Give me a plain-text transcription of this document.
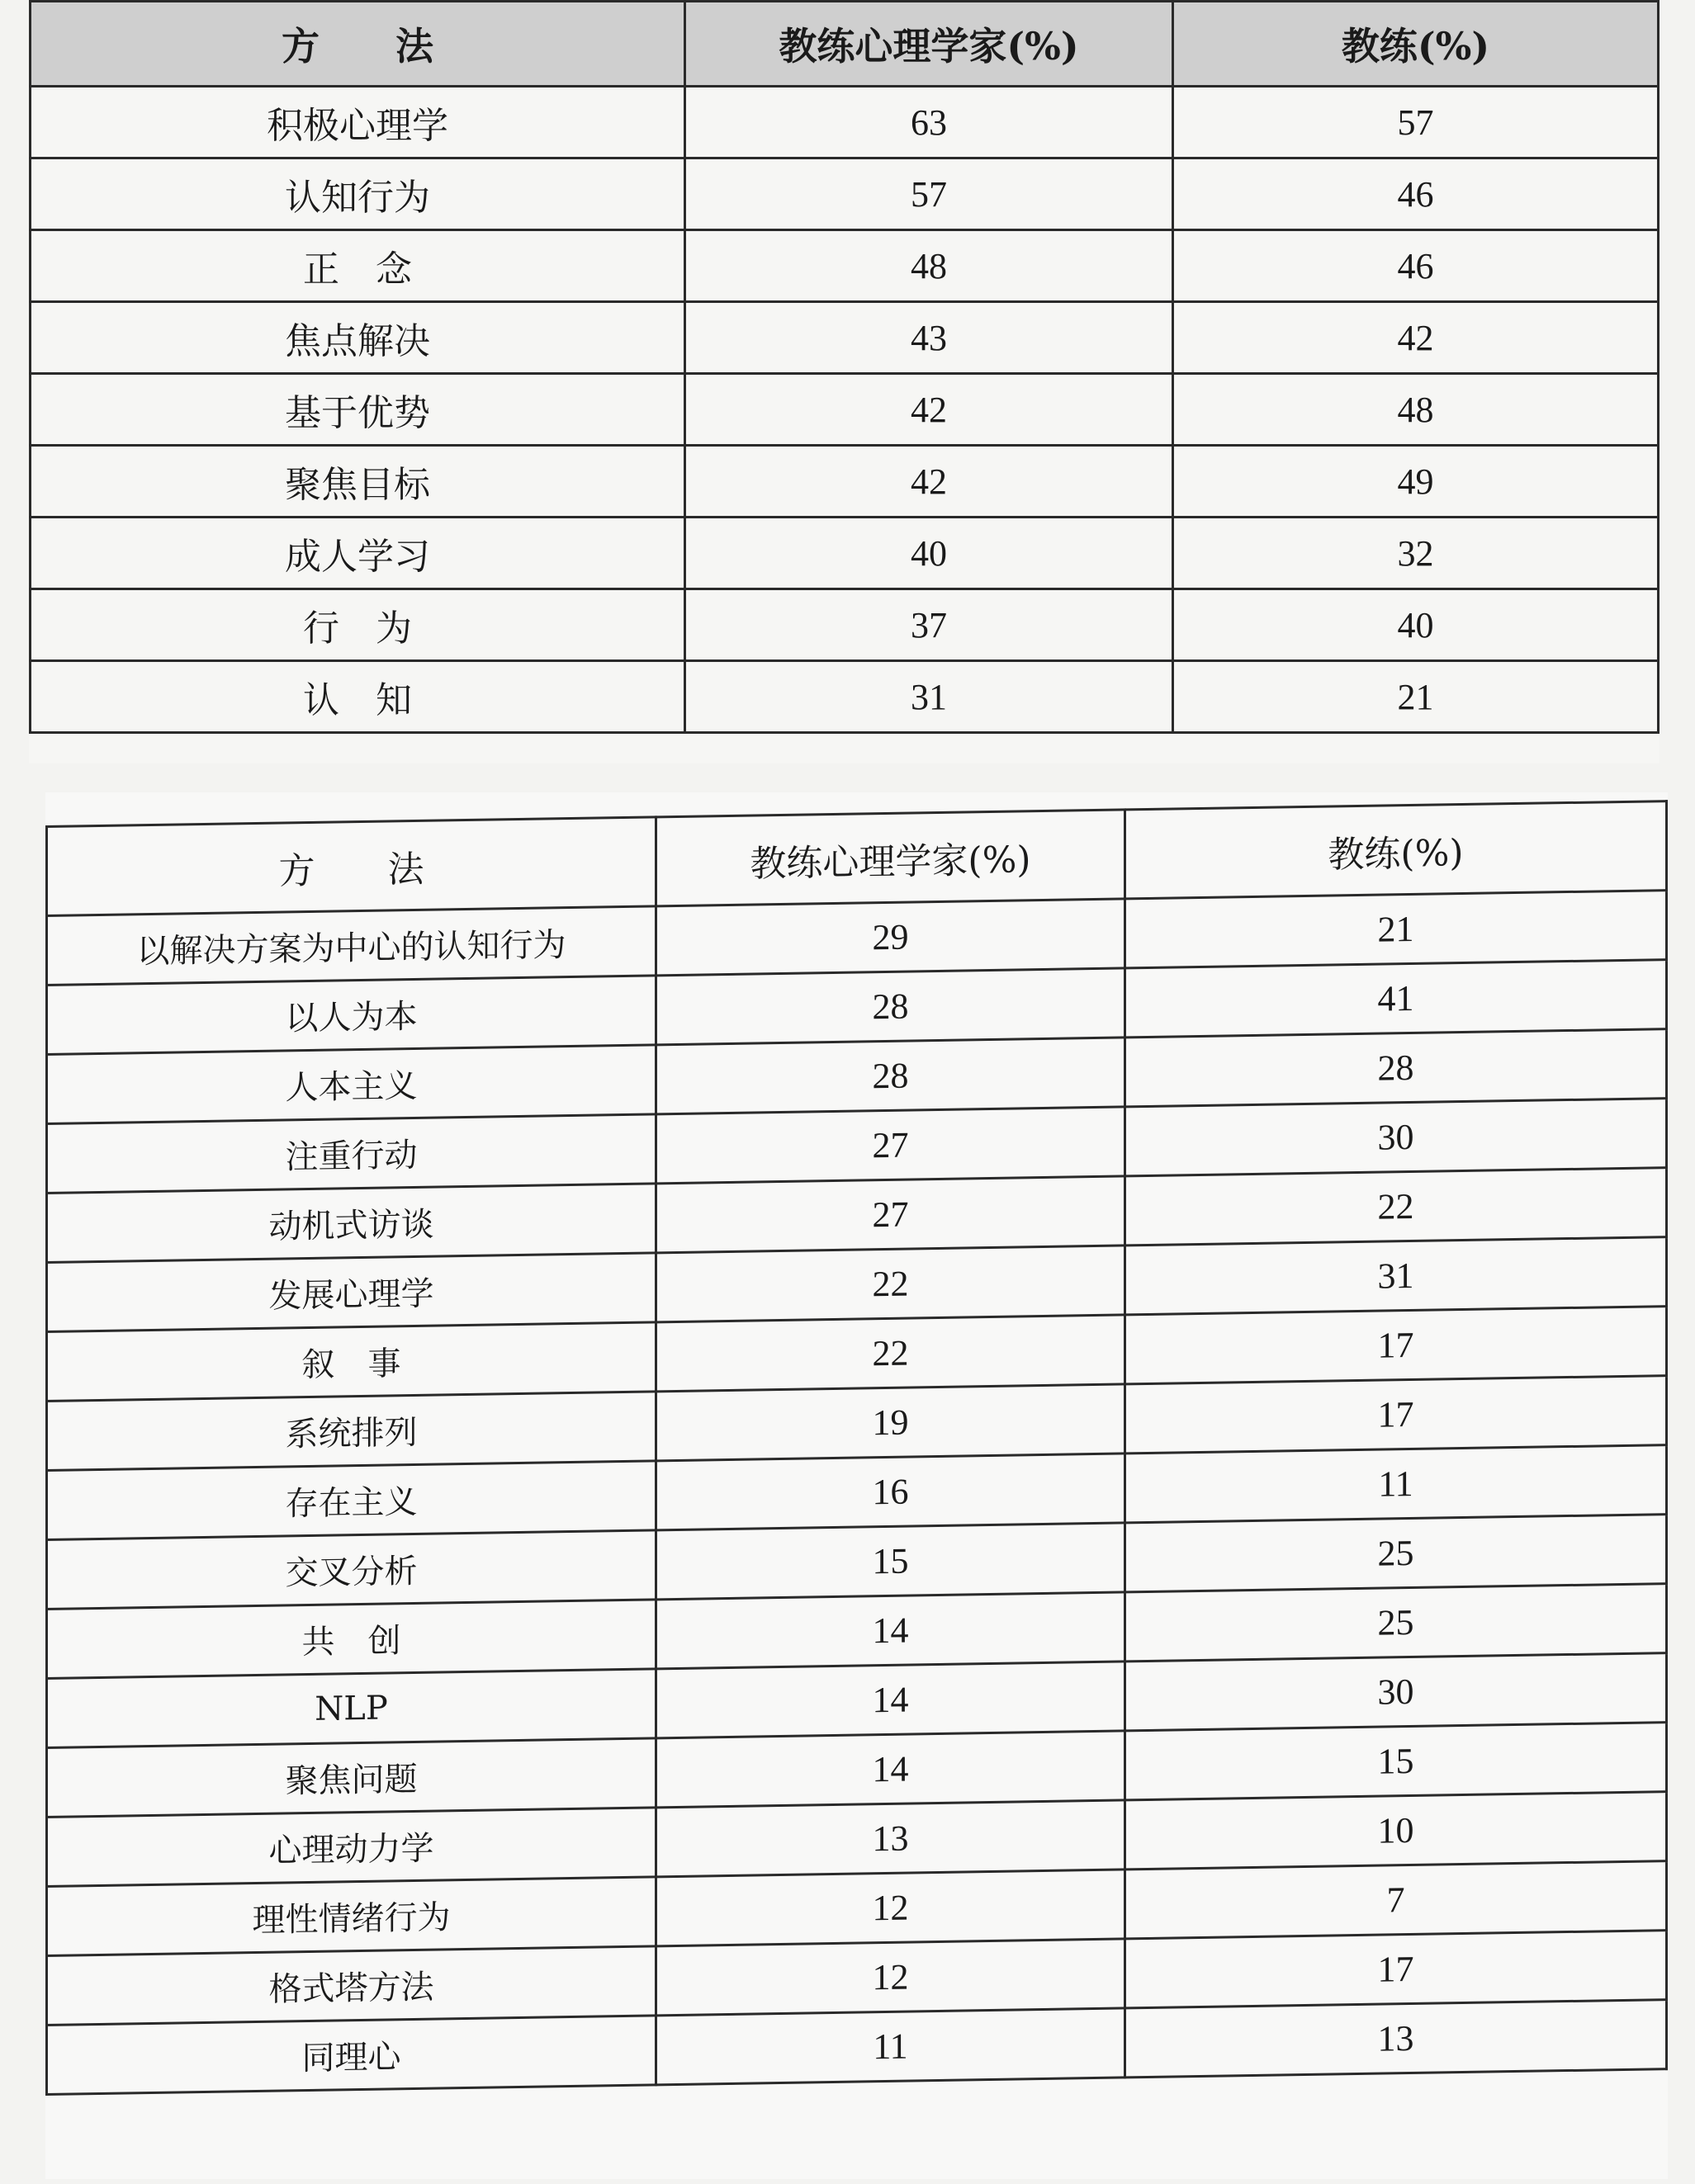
方　　法	教练心理学家(%)	教练(%)
积极心理学	63	57
认知行为	57	46
正　念	48	46
焦点解决	43	42
基于优势	42	48
聚焦目标	42	49
成人学习	40	32
行　为	37	40
认　知	31	21
方　　法	教练心理学家(%)	教练(%)
以解决方案为中心的认知行为	29	21
以人为本	28	41
人本主义	28	28
注重行动	27	30
动机式访谈	27	22
发展心理学	22	31
叙　事	22	17
系统排列	19	17
存在主义	16	11
交叉分析	15	25
共　创	14	25
NLP	14	30
聚焦问题	14	15
心理动力学	13	10
理性情绪行为	12	7
格式塔方法	12	17
同理心	11	13
